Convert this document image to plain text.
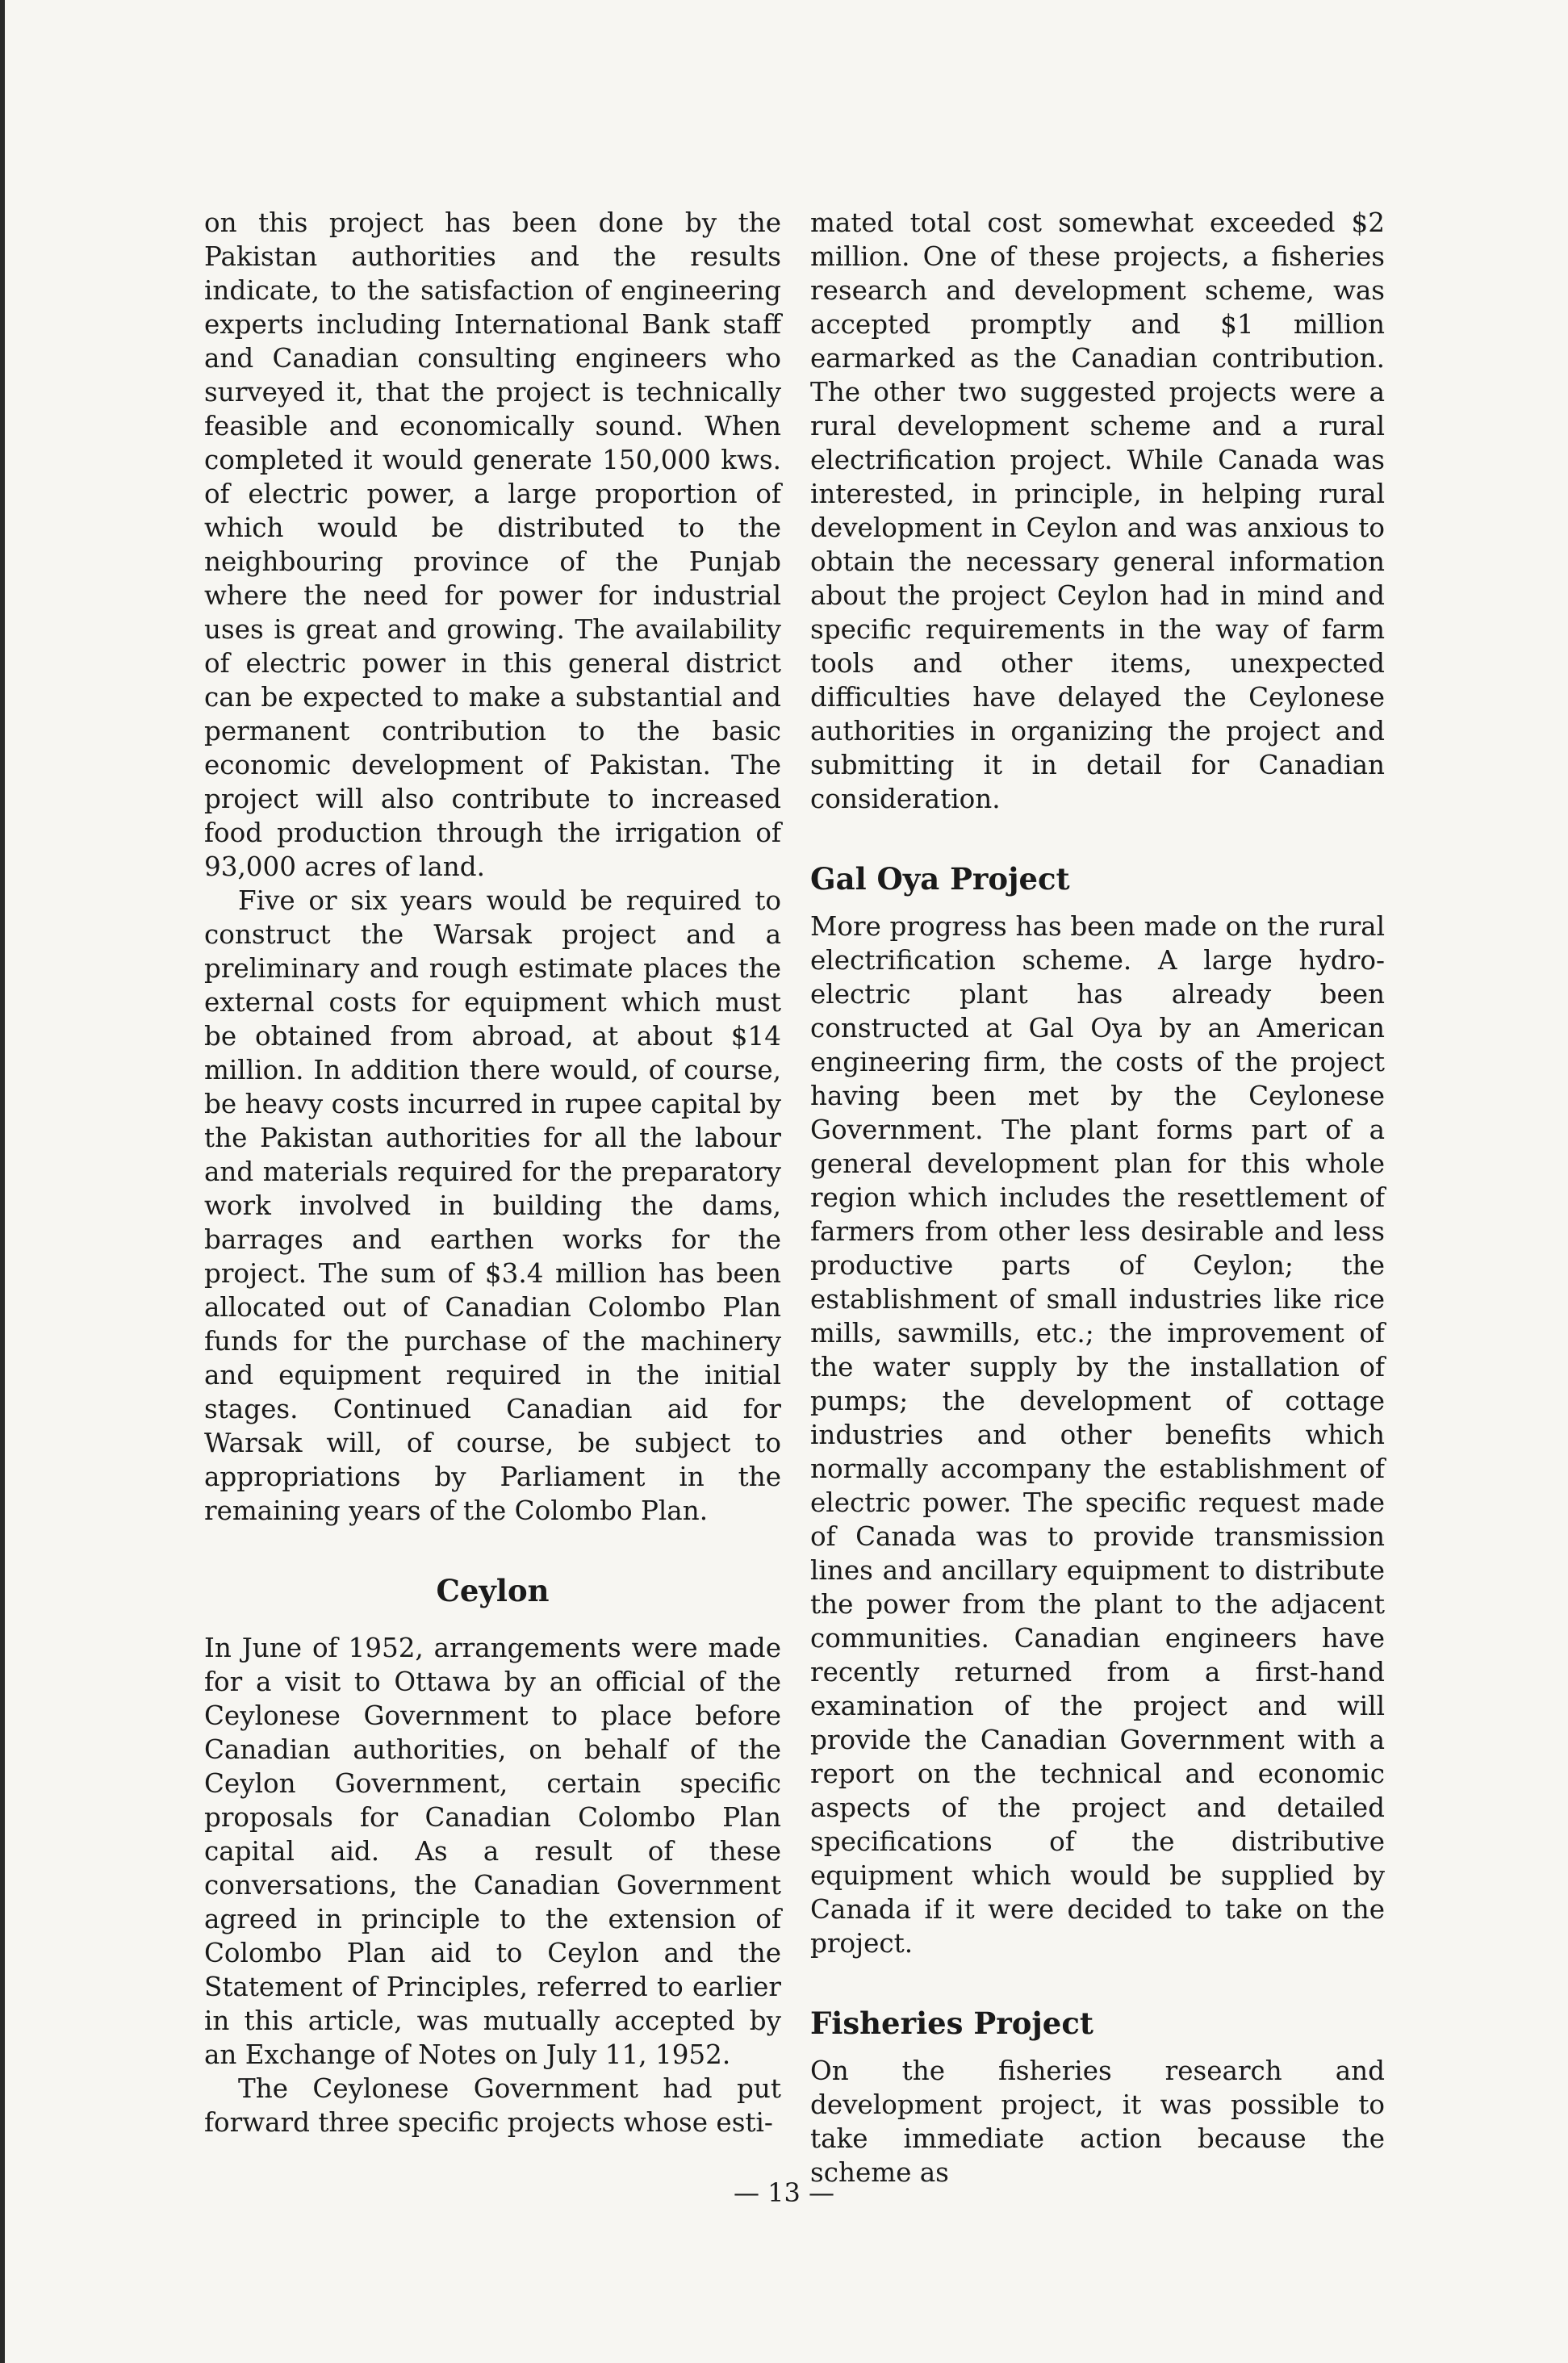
on this project has been done by the Pakistan authorities and the results indicate, to the satisfaction of engineering experts including International Bank staff and Canadian consulting engineers who surveyed it, that the project is technically feasible and economically sound. When completed it would generate 150,000 kws. of electric power, a large proportion of which would be distributed to the neighbouring province of the Punjab where the need for power for industrial uses is great and growing. The availability of electric power in this general district can be expected to make a substantial and permanent contribution to the basic economic development of Pakistan. The project will also contribute to increased food production through the irrigation of 93,000 acres of land.

Five or six years would be required to construct the Warsak project and a preliminary and rough estimate places the external costs for equipment which must be obtained from abroad, at about $14 million. In addition there would, of course, be heavy costs incurred in rupee capital by the Pakistan authorities for all the labour and materials required for the preparatory work involved in building the dams, barrages and earthen works for the project. The sum of $3.4 million has been allocated out of Canadian Colombo Plan funds for the purchase of the machinery and equipment required in the initial stages. Continued Canadian aid for Warsak will, of course, be subject to appropriations by Parliament in the remaining years of the Colombo Plan.

Ceylon

In June of 1952, arrangements were made for a visit to Ottawa by an official of the Ceylonese Government to place before Canadian authorities, on behalf of the Ceylon Government, certain specific proposals for Canadian Colombo Plan capital aid. As a result of these conversations, the Canadian Government agreed in principle to the extension of Colombo Plan aid to Ceylon and the Statement of Principles, referred to earlier in this article, was mutually accepted by an Exchange of Notes on July 11, 1952.

The Ceylonese Government had put forward three specific projects whose esti-

mated total cost somewhat exceeded $2 million. One of these projects, a fisheries research and development scheme, was accepted promptly and $1 million earmarked as the Canadian contribution. The other two suggested projects were a rural development scheme and a rural electrification project. While Canada was interested, in principle, in helping rural development in Ceylon and was anxious to obtain the necessary general information about the project Ceylon had in mind and specific requirements in the way of farm tools and other items, unexpected difficulties have delayed the Ceylonese authorities in organizing the project and submitting it in detail for Canadian consideration.

Gal Oya Project

More progress has been made on the rural electrification scheme. A large hydro-electric plant has already been constructed at Gal Oya by an American engineering firm, the costs of the project having been met by the Ceylonese Government. The plant forms part of a general development plan for this whole region which includes the resettlement of farmers from other less desirable and less productive parts of Ceylon; the establishment of small industries like rice mills, sawmills, etc.; the improvement of the water supply by the installation of pumps; the development of cottage industries and other benefits which normally accompany the establishment of electric power. The specific request made of Canada was to provide transmission lines and ancillary equipment to distribute the power from the plant to the adjacent communities. Canadian engineers have recently returned from a first-hand examination of the project and will provide the Canadian Government with a report on the technical and economic aspects of the project and detailed specifications of the distributive equipment which would be supplied by Canada if it were decided to take on the project.

Fisheries Project

On the fisheries research and development project, it was possible to take immediate action because the scheme as

— 13 —
